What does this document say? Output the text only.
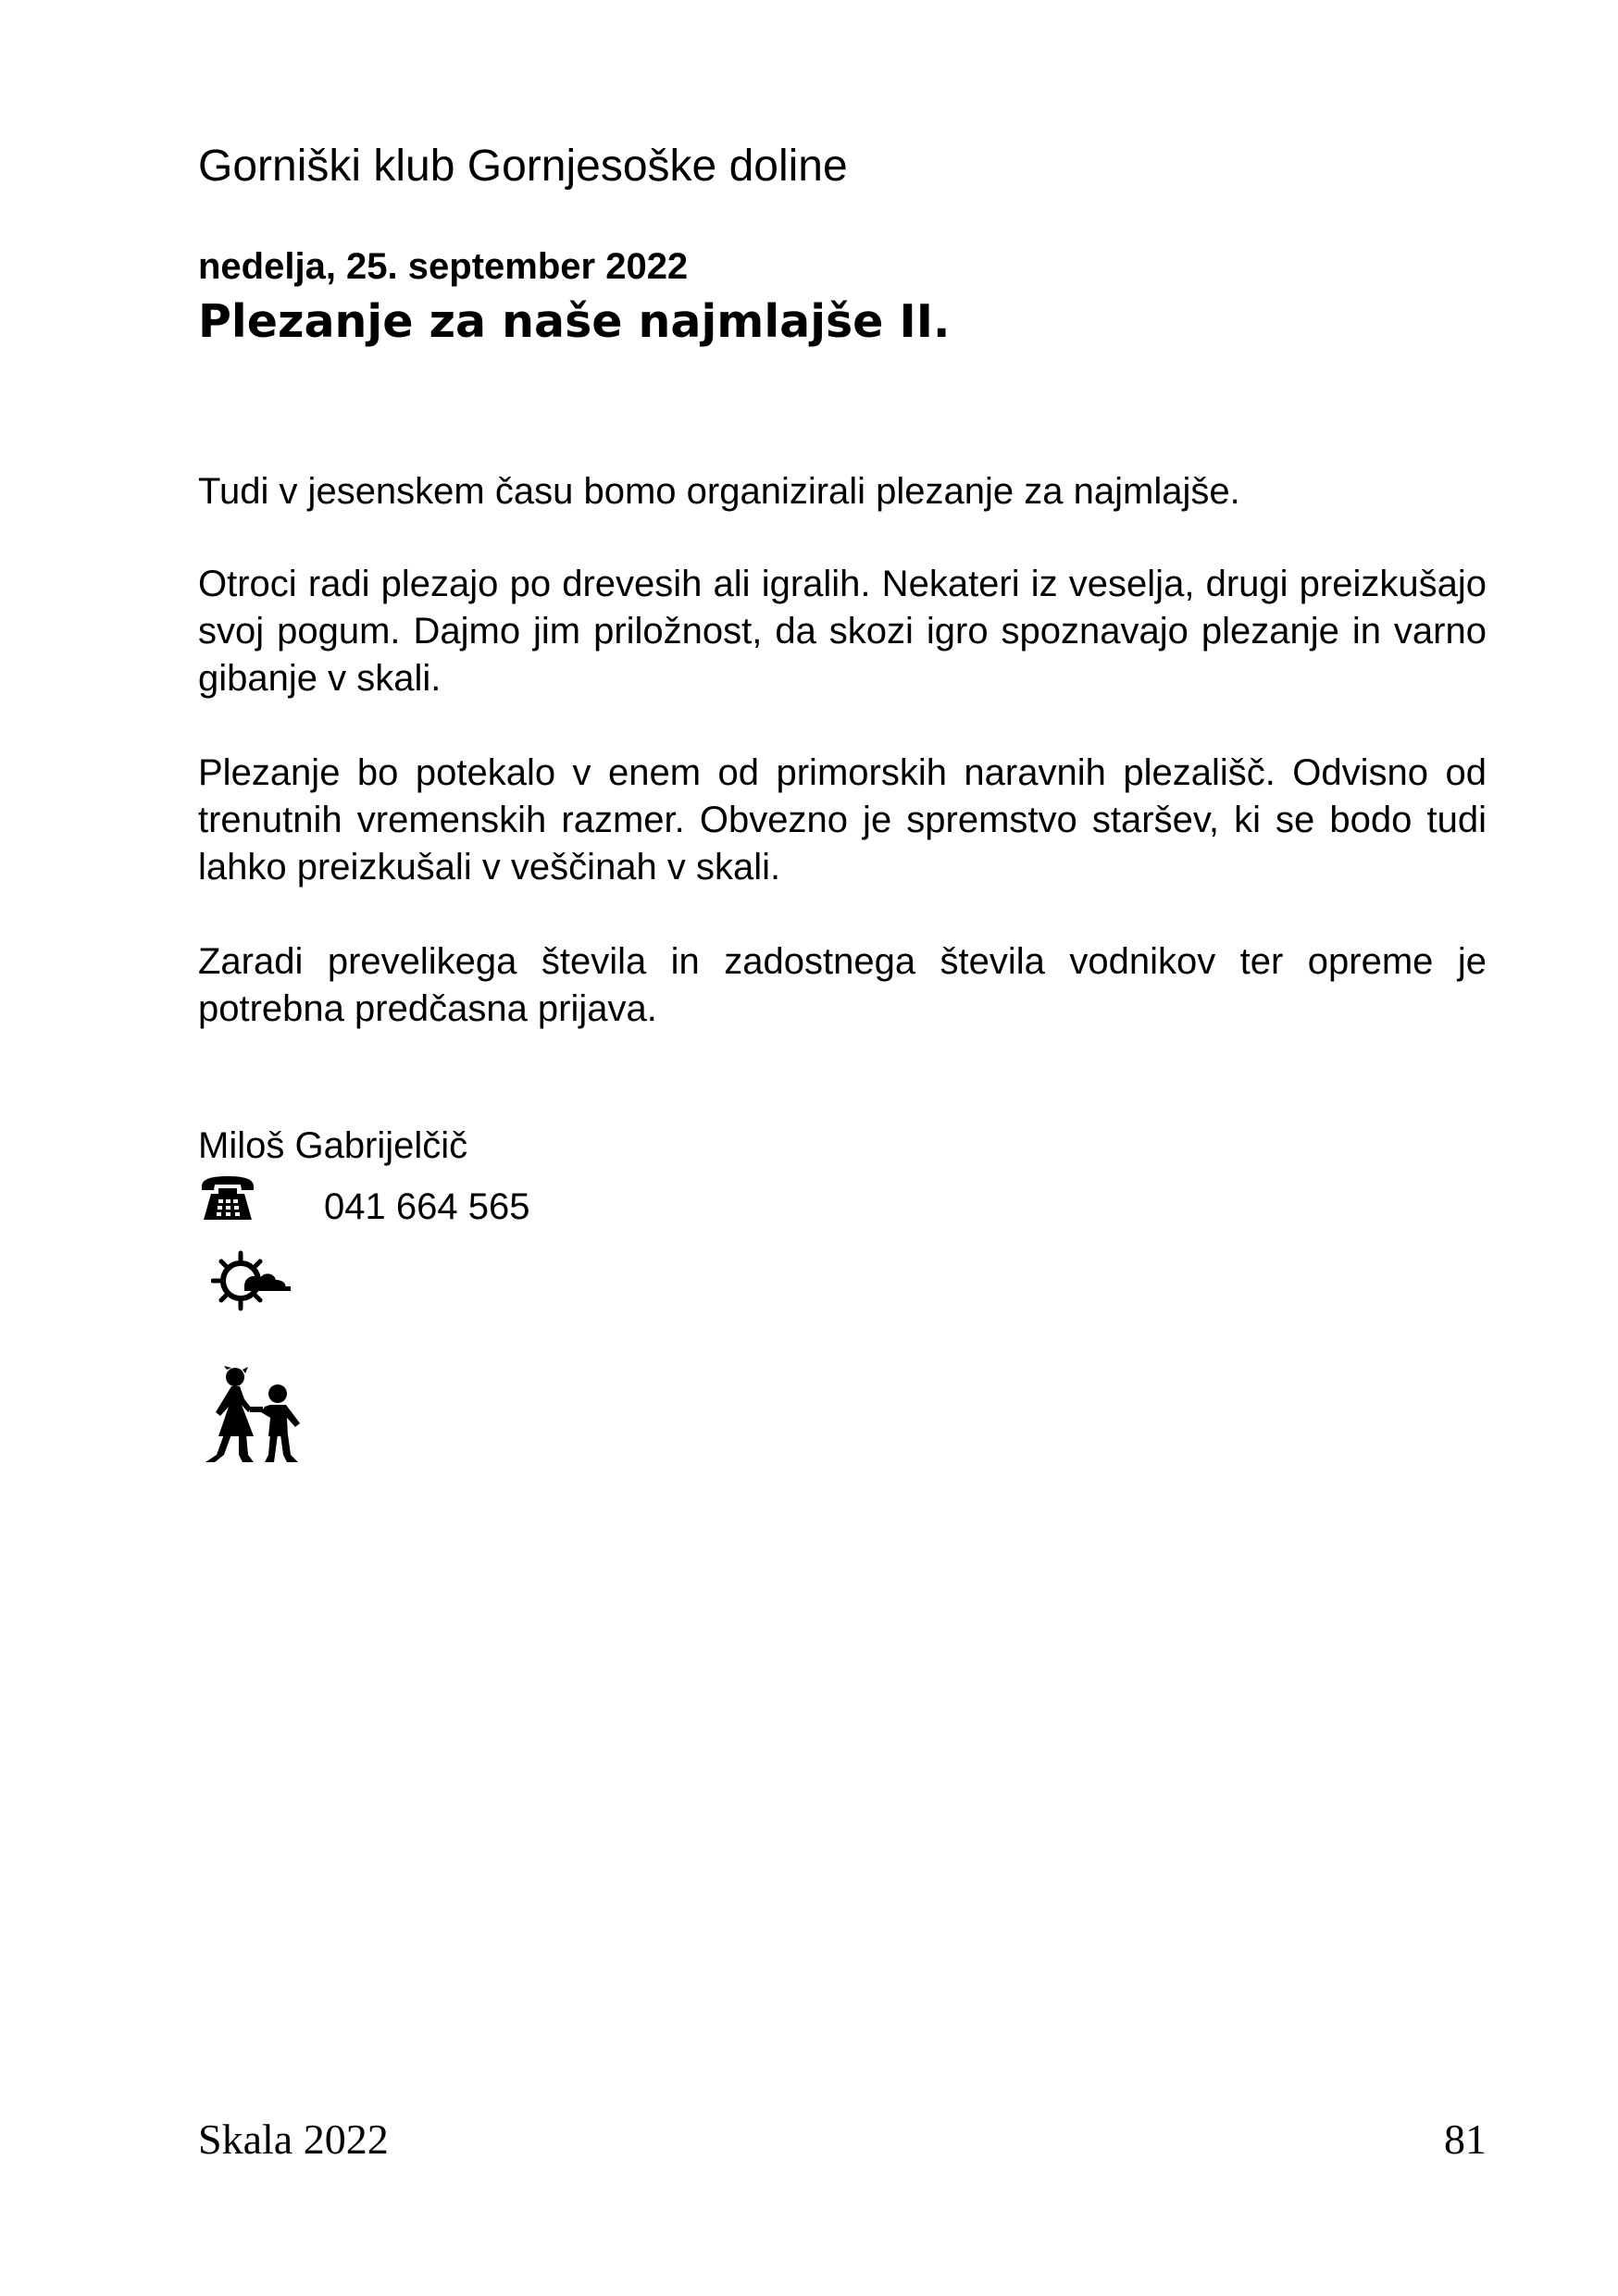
Gorniški klub Gornjesoške doline
nedelja, 25. september 2022
Plezanje za naše najmlajše II.
Tudi v jesenskem času bomo organizirali plezanje za najmlajše.
Otroci radi plezajo po drevesih ali igralih. Nekateri iz veselja, drugi preizkušajo svoj pogum. Dajmo jim priložnost, da skozi igro spoznavajo plezanje in varno gibanje v skali.
Plezanje bo potekalo v enem od primorskih naravnih plezališč. Odvisno od trenutnih vremenskih razmer. Obvezno je spremstvo staršev, ki se bodo tudi lahko preizkušali v veščinah v skali.
Zaradi prevelikega števila in zadostnega števila vodnikov ter opreme je potrebna predčasna prijava.
Miloš Gabrijelčič
041 664 565
Skala 2022	81
